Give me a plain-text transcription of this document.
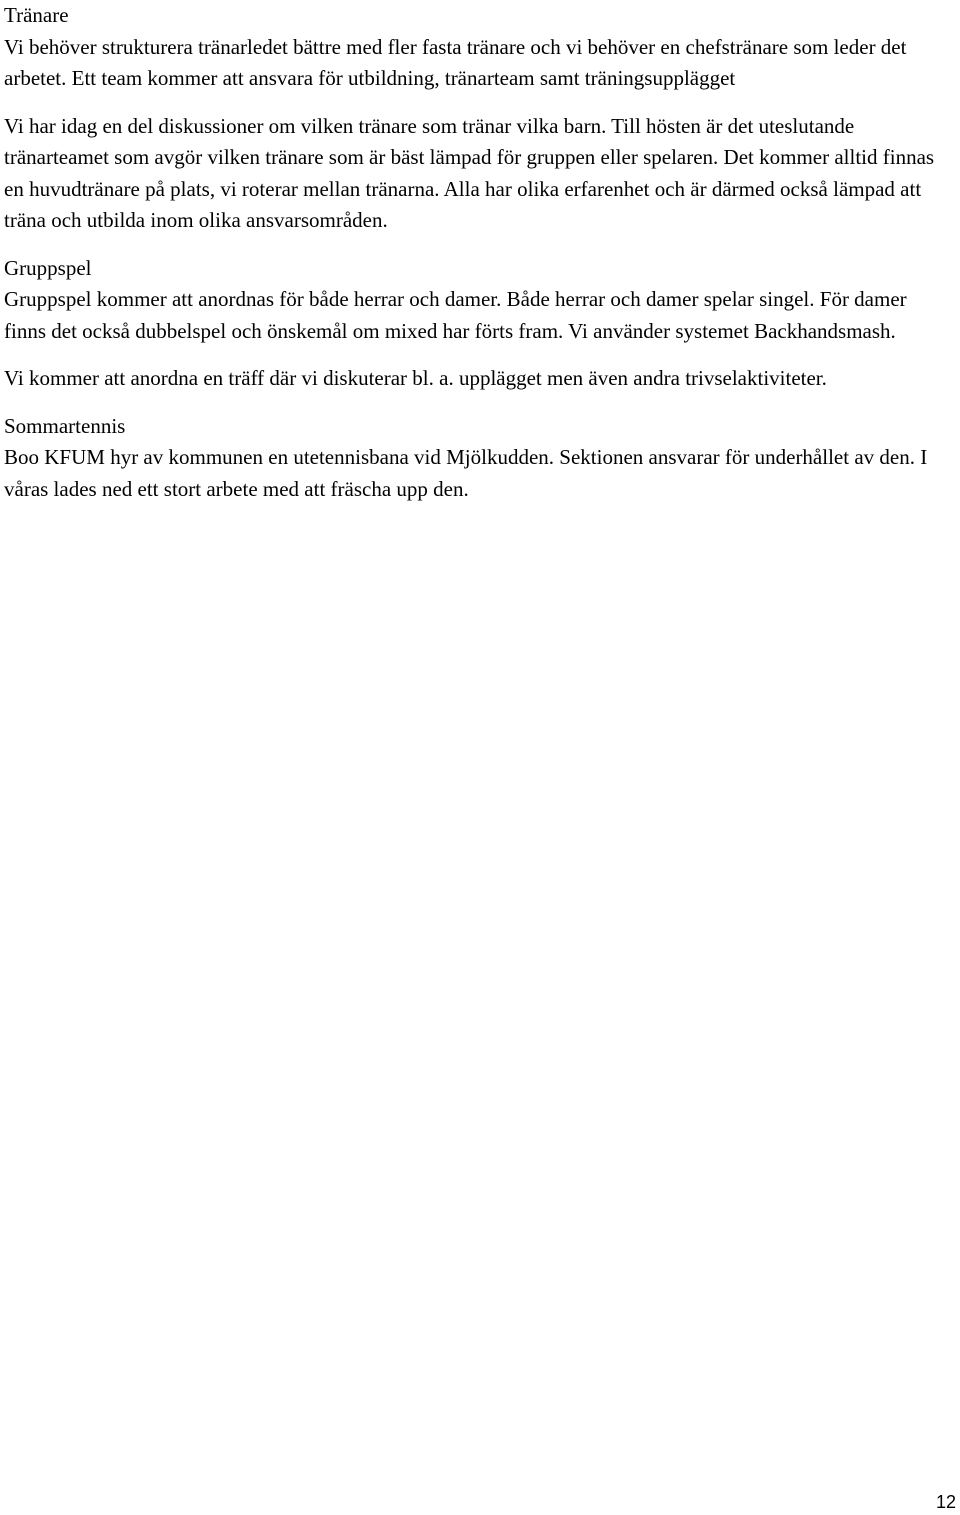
Tränare

Vi behöver strukturera tränarledet bättre med fler fasta tränare och vi behöver en chefstränare som leder det arbetet. Ett team kommer att ansvara för utbildning, tränarteam samt träningsupplägget

Vi har idag en del diskussioner om vilken tränare som tränar vilka barn. Till hösten är det uteslutande tränarteamet som avgör vilken tränare som är bäst lämpad för gruppen eller spelaren. Det kommer alltid finnas en huvudtränare på plats, vi roterar mellan tränarna. Alla har olika erfarenhet och är därmed också lämpad att träna och utbilda inom olika ansvarsområden.

Gruppspel

Gruppspel kommer att anordnas för både herrar och damer. Både herrar och damer spelar singel. För damer finns det också dubbelspel och önskemål om mixed har förts fram. Vi använder systemet Backhandsmash.

Vi kommer att anordna en träff där vi diskuterar bl. a. upplägget men även andra trivselaktiviteter.

Sommartennis

Boo KFUM hyr av kommunen en utetennisbana vid Mjölkudden. Sektionen ansvarar för underhållet av den. I våras lades ned ett stort arbete med att fräscha upp den.

12
